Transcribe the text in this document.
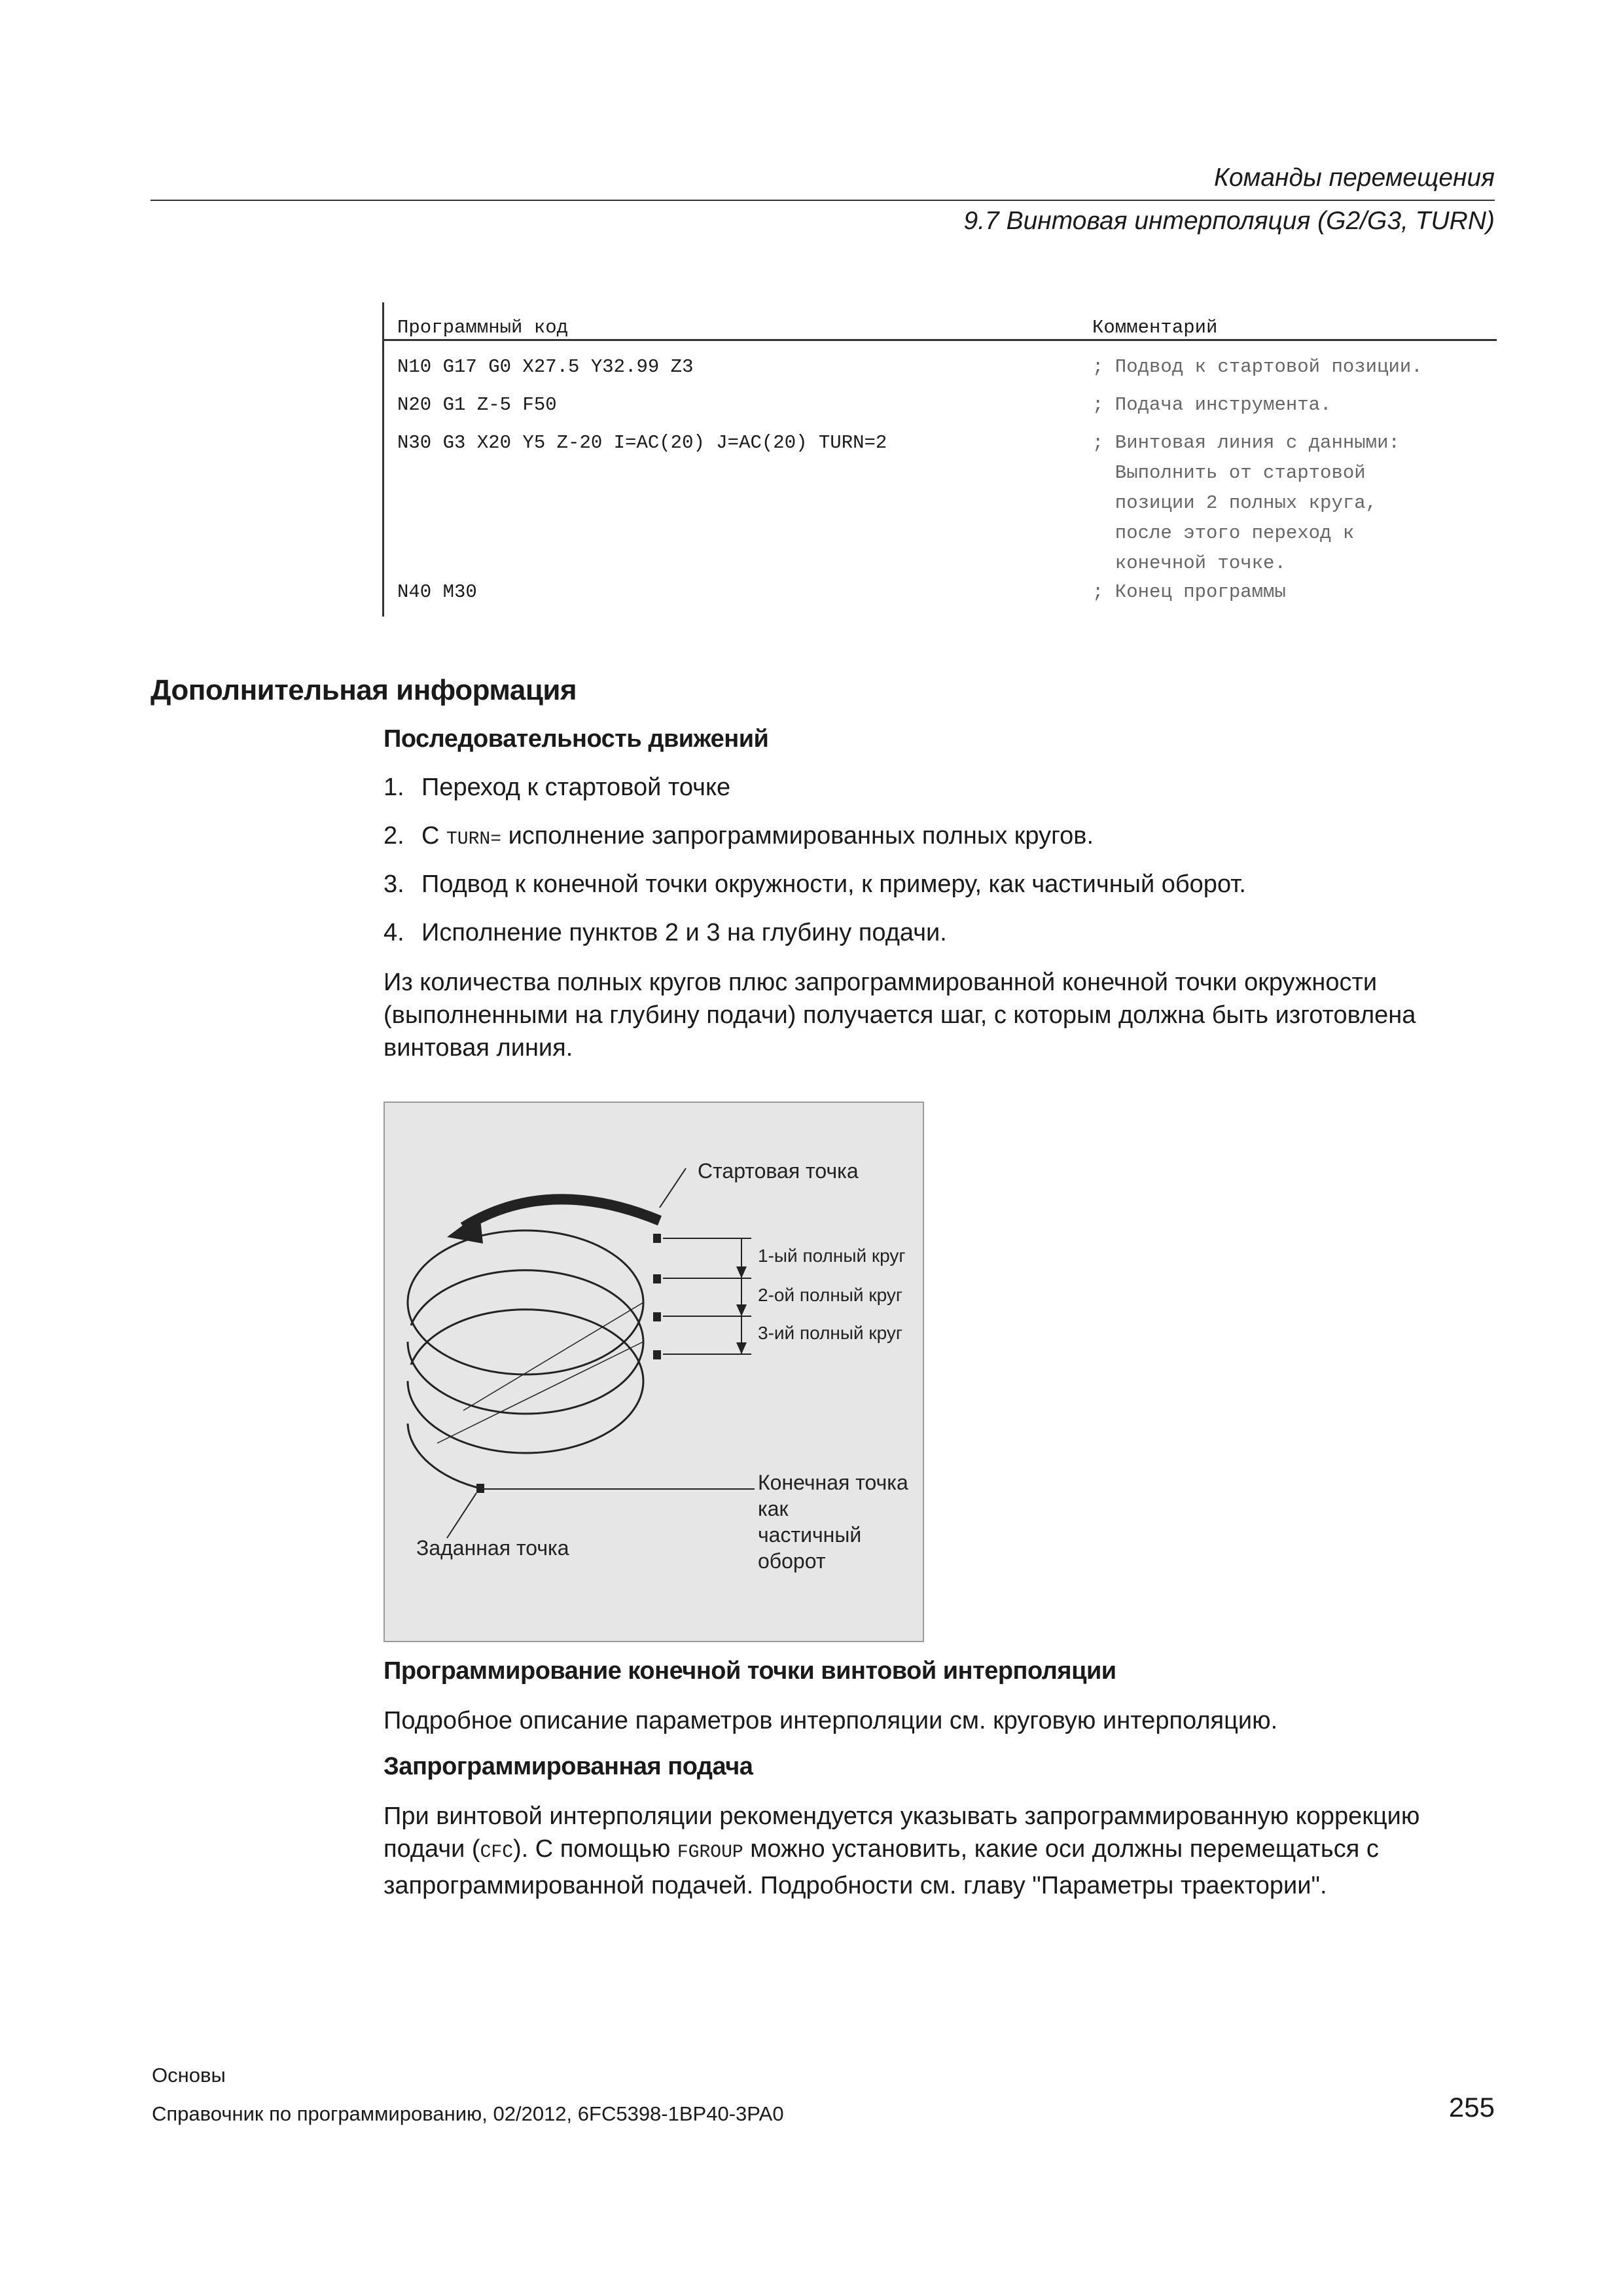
Команды перемещения
9.7 Винтовая интерполяция (G2/G3, TURN)
Программный код	Комментарий
N10 G17 G0 X27.5 Y32.99 Z3	; Подвод к стартовой позиции.
N20 G1 Z-5 F50	; Подача инструмента.
N30 G3 X20 Y5 Z-20 I=AC(20) J=AC(20) TURN=2	; Винтовая линия с данными:
Выполнить от стартовой
позиции 2 полных круга,
после этого переход к
конечной точке.
N40 M30	; Конец программы
Дополнительная информация
Последовательность движений
1. Переход к стартовой точке
2. С TURN= исполнение запрограммированных полных кругов.
3. Подвод к конечной точки окружности, к примеру, как частичный оборот.
4. Исполнение пунктов 2 и 3 на глубину подачи.
Из количества полных кругов плюс запрограммированной конечной точки окружности (выполненными на глубину подачи) получается шаг, с которым должна быть изготовлена винтовая линия.
Стартовая точка
1-ый полный круг
2-ой полный круг
3-ий полный круг
Конечная точка
как
частичный
оборот
Заданная точка
Программирование конечной точки винтовой интерполяции
Подробное описание параметров интерполяции см. круговую интерполяцию.
Запрограммированная подача
При винтовой интерполяции рекомендуется указывать запрограммированную коррекцию подачи (CFC). С помощью FGROUP можно установить, какие оси должны перемещаться с запрограммированной подачей. Подробности см. главу "Параметры траектории".
Основы
Справочник по программированию, 02/2012, 6FC5398-1BP40-3PA0	255
